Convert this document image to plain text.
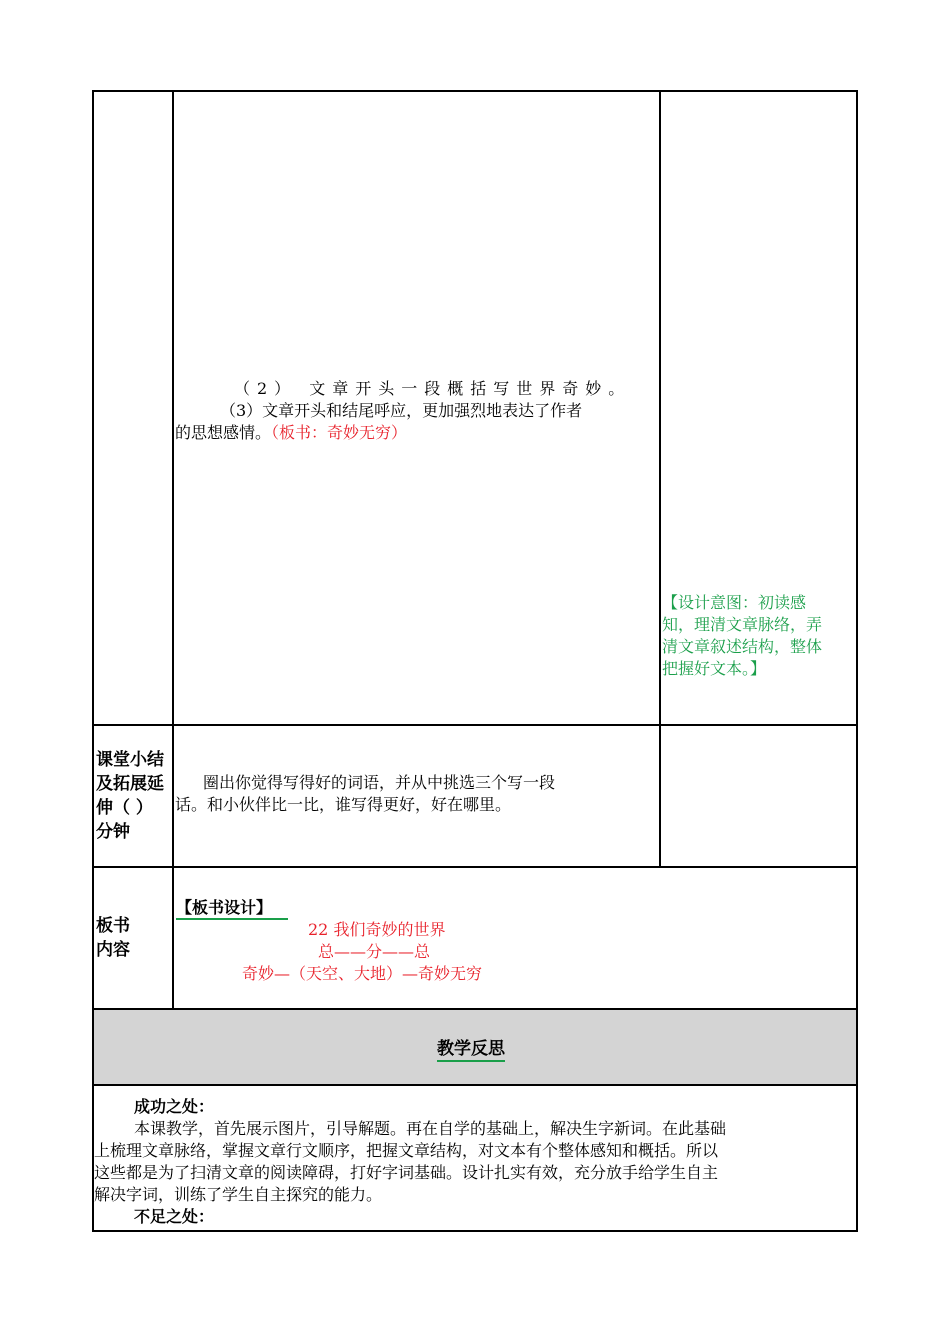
（2） 文章开头一段概括写世界奇妙。
（3）文章开头和结尾呼应，更加强烈地表达了作者
的思想感情。（板书：奇妙无穷）
【设计意图：初读感
知，理清文章脉络，弄
清文章叙述结构，整体
把握好文本。】
课堂小结
及拓展延
伸（ ）
分钟
圈出你觉得写得好的词语，并从中挑选三个写一段
话。和小伙伴比一比，谁写得更好，好在哪里。
板书
内容
【板书设计】
22 我们奇妙的世界
总——分——总
奇妙—（天空、大地）—奇妙无穷
教学反思
成功之处：
本课教学，首先展示图片，引导解题。再在自学的基础上，解决生字新词。在此基础
上梳理文章脉络，掌握文章行文顺序，把握文章结构，对文本有个整体感知和概括。所以
这些都是为了扫清文章的阅读障碍，打好字词基础。设计扎实有效，充分放手给学生自主
解决字词，训练了学生自主探究的能力。
不足之处：
